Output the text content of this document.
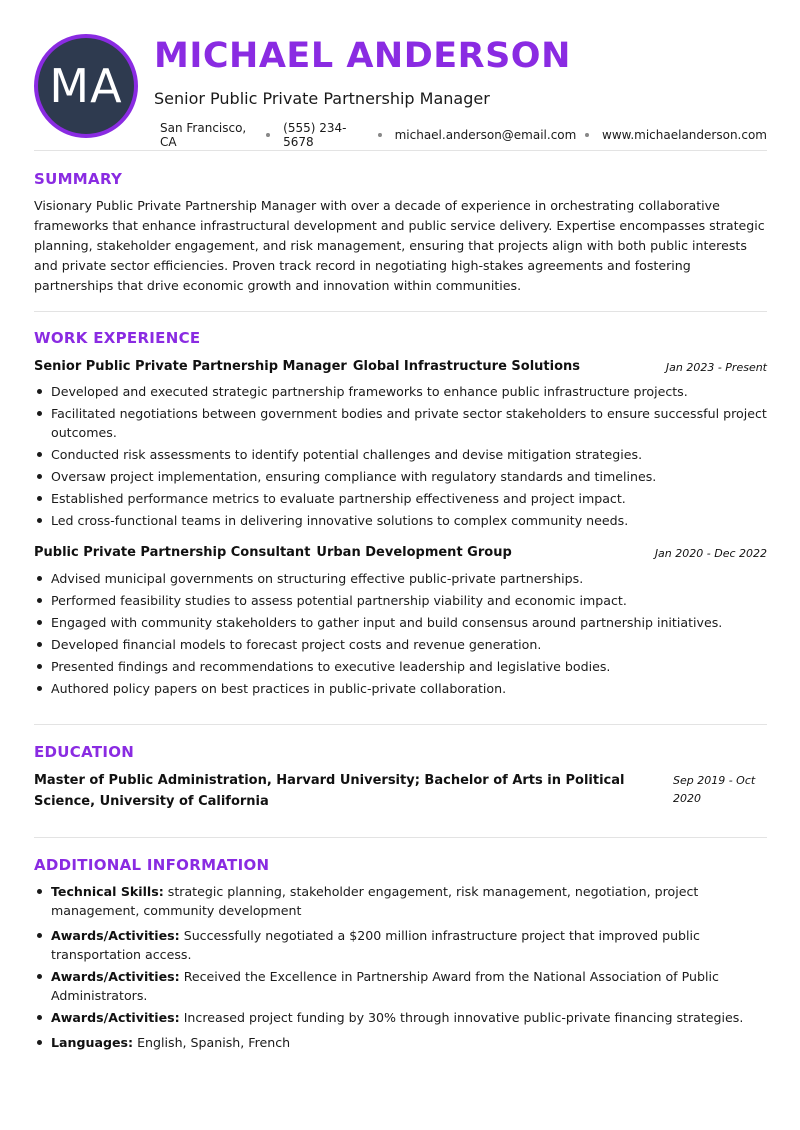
MA
MICHAEL ANDERSON
Senior Public Private Partnership Manager
San Francisco, CA
(555) 234-5678	michael.anderson@email.com www.michaelanderson.com
SUMMARY
Visionary Public Private Partnership Manager with over a decade of experience in orchestrating collaborative frameworks that enhance infrastructural development and public service delivery. Expertise encompasses strategic planning, stakeholder engagement, and risk management, ensuring that projects align with both public interests and private sector efficiencies. Proven track record in negotiating high-stakes agreements and fostering partnerships that drive economic growth and innovation within communities.
WORK EXPERIENCE
Senior Public Private Partnership Manager Global Infrastructure Solutions	Jan 2023 - Present
Developed and executed strategic partnership frameworks to enhance public infrastructure projects.
Facilitated negotiations between government bodies and private sector stakeholders to ensure successful project outcomes.
Conducted risk assessments to identify potential challenges and devise mitigation strategies.
Oversaw project implementation, ensuring compliance with regulatory standards and timelines.
Established performance metrics to evaluate partnership effectiveness and project impact.
Led cross-functional teams in delivering innovative solutions to complex community needs.
Public Private Partnership Consultant Urban Development Group	Jan 2020 - Dec 2022
Advised municipal governments on structuring effective public-private partnerships.
Performed feasibility studies to assess potential partnership viability and economic impact.
Engaged with community stakeholders to gather input and build consensus around partnership initiatives.
Developed financial models to forecast project costs and revenue generation.
Presented findings and recommendations to executive leadership and legislative bodies.
Authored policy papers on best practices in public-private collaboration.
EDUCATION
Master of Public Administration, Harvard University; Bachelor of Arts in Political Science, University of California
Sep 2019 - Oct 2020
ADDITIONAL INFORMATION
Technical Skills: strategic planning, stakeholder engagement, risk management, negotiation, project management, community development
Awards/Activities: Successfully negotiated a $200 million infrastructure project that improved public transportation access.
Awards/Activities: Received the Excellence in Partnership Award from the National Association of Public Administrators.
Awards/Activities: Increased project funding by 30% through innovative public-private financing strategies.
Languages: English, Spanish, French
